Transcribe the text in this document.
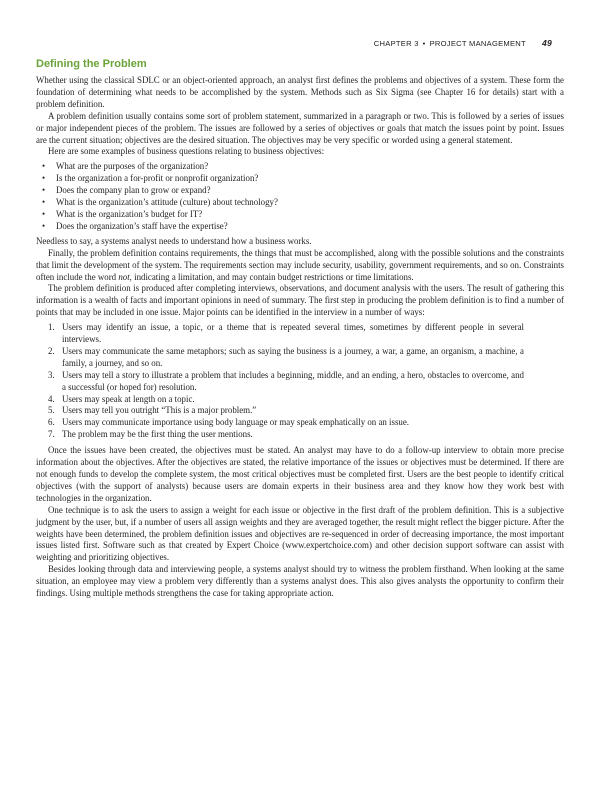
CHAPTER 3 • PROJECT MANAGEMENT 49
Defining the Problem

Whether using the classical SDLC or an object-oriented approach, an analyst first defines the problems and objectives of a system. These form the foundation of determining what needs to be accomplished by the system. Methods such as Six Sigma (see Chapter 16 for details) start with a problem definition.

A problem definition usually contains some sort of problem statement, summarized in a paragraph or two. This is followed by a series of issues or major independent pieces of the problem. The issues are followed by a series of objectives or goals that match the issues point by point. Issues are the current situation; objectives are the desired situation. The objectives may be very specific or worded using a general statement.

Here are some examples of business questions relating to business objectives:

• What are the purposes of the organization?
• Is the organization a for-profit or nonprofit organization?
• Does the company plan to grow or expand?
• What is the organization’s attitude (culture) about technology?
• What is the organization’s budget for IT?
• Does the organization’s staff have the expertise?

Needless to say, a systems analyst needs to understand how a business works.

Finally, the problem definition contains requirements, the things that must be accomplished, along with the possible solutions and the constraints that limit the development of the system. The requirements section may include security, usability, government requirements, and so on. Constraints often include the word not, indicating a limitation, and may contain budget restrictions or time limitations.

The problem definition is produced after completing interviews, observations, and document analysis with the users. The result of gathering this information is a wealth of facts and important opinions in need of summary. The first step in producing the problem definition is to find a number of points that may be included in one issue. Major points can be identified in the interview in a number of ways:

1. Users may identify an issue, a topic, or a theme that is repeated several times, sometimes by different people in several interviews.
2. Users may communicate the same metaphors; such as saying the business is a journey, a war, a game, an organism, a machine, a family, a journey, and so on.
3. Users may tell a story to illustrate a problem that includes a beginning, middle, and an ending, a hero, obstacles to overcome, and a successful (or hoped for) resolution.
4. Users may speak at length on a topic.
5. Users may tell you outright “This is a major problem.”
6. Users may communicate importance using body language or may speak emphatically on an issue.
7. The problem may be the first thing the user mentions.

Once the issues have been created, the objectives must be stated. An analyst may have to do a follow-up interview to obtain more precise information about the objectives. After the objectives are stated, the relative importance of the issues or objectives must be determined. If there are not enough funds to develop the complete system, the most critical objectives must be completed first. Users are the best people to identify critical objectives (with the support of analysts) because users are domain experts in their business area and they know how they work best with technologies in the organization.

One technique is to ask the users to assign a weight for each issue or objective in the first draft of the problem definition. This is a subjective judgment by the user, but, if a number of users all assign weights and they are averaged together, the result might reflect the bigger picture. After the weights have been determined, the problem definition issues and objectives are re-sequenced in order of decreasing importance, the most important issues listed first. Software such as that created by Expert Choice (www.expertchoice.com) and other decision support software can assist with weighting and prioritizing objectives.

Besides looking through data and interviewing people, a systems analyst should try to witness the problem firsthand. When looking at the same situation, an employee may view a problem very differently than a systems analyst does. This also gives analysts the opportunity to confirm their findings. Using multiple methods strengthens the case for taking appropriate action.
